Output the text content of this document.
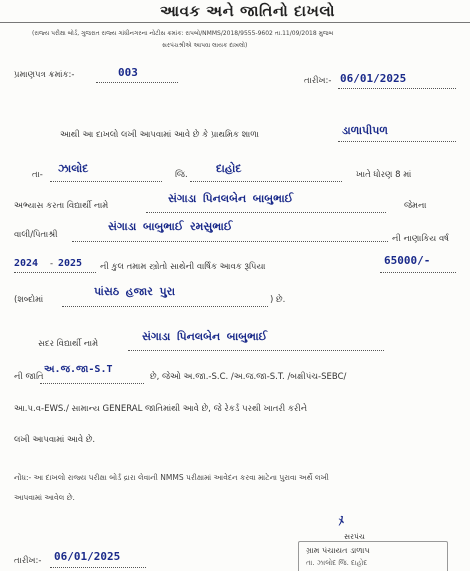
આવક અને જાતિનો દાખલો
(રાજ્ય પરીક્ષા બોર્ડ, ગુજરાત રાજ્ય ગાંધીનગરના નોટીસ ક્રમાંક: રાપબો/NMMS/2018/9555-9602 તા.11/09/2018 મુજબ
સરપંચશ્રીએ આપવા લાયક દાખલો)
પ્રમાણપત્ર ક્રમાંક:-	003
તારીખ:- 06/01/2025
આથી આ દાખલો લખી આપવામાં આવે છે કે પ્રાથમિક શાળા	ડાળાપીપળ
તા- ઝાલોદ	જિ.	દાહોદ	ખાતે ધોરણ 8 માં
અભ્યાસ કરતા વિદ્યાર્થી નામે
સંગાડા પિનલબેન બાબુભાઈ
જેમના
વાલી/પિતાશ્રી
સંગાડા બાબુભાઈ રમસુભાઈ
ની નાણાકિય વર્ષ
2024 - 2025 ની કુલ તમામ સ્ત્રોતો સાથેની વાર્ષિક આવક રૂપિયા	65000/-
(શબ્દોમાં
પાંસઠ હજાર પુરા
) છે.
સદર વિદ્યાર્થી નામે
સંગાડા પિનલબેન બાબુભાઈ
ની જાતિ
અ.જ.જા-S.T
છે, જેઓ અ.જા.-S.C. /અ.જ.જા-S.T. /બક્ષીપંચ-SEBC/
આ.પ.વ-EWS./ સામાન્ય GENERAL જાતિમાંથી આવે છે, જે રેકર્ડ પરથી ખાતરી કરીને
લખી આપવામાં આવે છે.
નોંધ:- આ દાખલો રાજ્ય પરીક્ષા બોર્ડ દ્રારા લેવાની NMMS પરીક્ષામાં આવેદન કરવા માટેના પુરાવા અર્થે લખી
આપવામાં આવેલ છે.
ﾒ
સરપંચ
ગ્રામ પંચાયત ડાળાપ
તા. ઝાલોદ જિ. દાહોદ
તારીખ:- 06/01/2025
